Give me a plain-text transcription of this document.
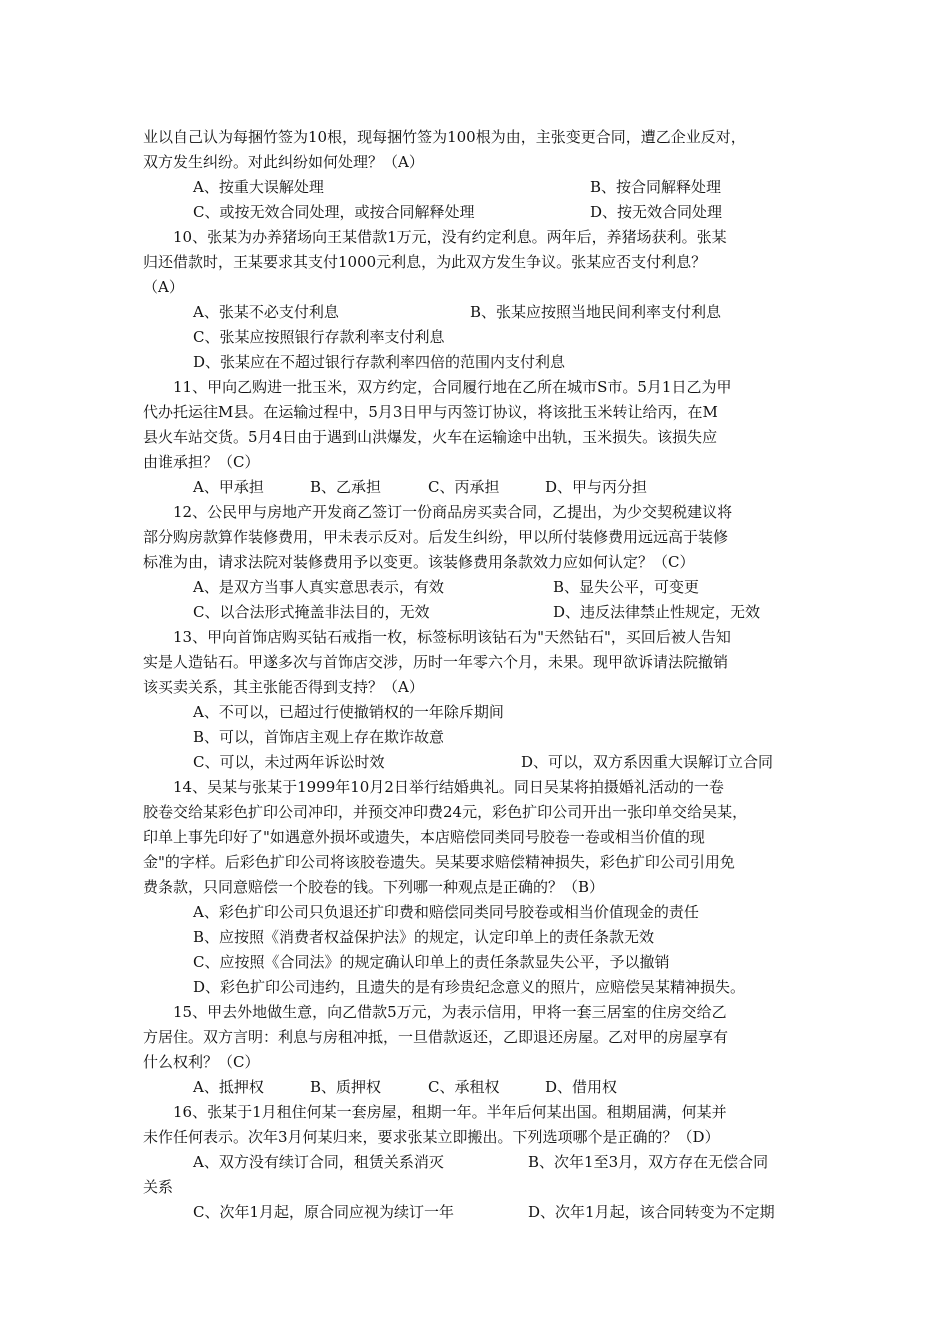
业以自己认为每捆竹签为10根，现每捆竹签为100根为由，主张变更合同，遭乙企业反对，

双方发生纠纷。对此纠纷如何处理？（A）

A、按重大误解处理	B、按合同解释处理
C、或按无效合同处理，或按合同解释处理	D、按无效合同处理

10、张某为办养猪场向王某借款1万元，没有约定利息。两年后，养猪场获利。张某

归还借款时，王某要求其支付1000元利息，为此双方发生争议。张某应否支付利息？

（A）

A、张某不必支付利息	B、张某应按照当地民间利率支付利息

C、张某应按照银行存款利率支付利息

D、张某应在不超过银行存款利率四倍的范围内支付利息

11、甲向乙购进一批玉米，双方约定，合同履行地在乙所在城市S市。5月1日乙为甲

代办托运往M县。在运输过程中，5月3日甲与丙签订协议，将该批玉米转让给丙，在M

县火车站交货。5月4日由于遇到山洪爆发，火车在运输途中出轨，玉米损失。该损失应

由谁承担？（C）

A、甲承担	B、乙承担	C、丙承担	D、甲与丙分担

12、公民甲与房地产开发商乙签订一份商品房买卖合同，乙提出，为少交契税建议将

部分购房款算作装修费用，甲未表示反对。后发生纠纷，甲以所付装修费用远远高于装修

标准为由，请求法院对装修费用予以变更。该装修费用条款效力应如何认定？（C）

A、是双方当事人真实意思表示，有效	B、显失公平，可变更
C、以合法形式掩盖非法目的，无效	D、违反法律禁止性规定，无效

13、甲向首饰店购买钻石戒指一枚，标签标明该钻石为"天然钻石"，买回后被人告知

实是人造钻石。甲遂多次与首饰店交涉，历时一年零六个月，未果。现甲欲诉请法院撤销

该买卖关系，其主张能否得到支持？（A）

A、不可以，已超过行使撤销权的一年除斥期间

B、可以，首饰店主观上存在欺诈故意

C、可以，未过两年诉讼时效	D、可以，双方系因重大误解订立合同

14、吴某与张某于1999年10月2日举行结婚典礼。同日吴某将拍摄婚礼活动的一卷

胶卷交给某彩色扩印公司冲印，并预交冲印费24元，彩色扩印公司开出一张印单交给吴某，

印单上事先印好了"如遇意外损坏或遗失，本店赔偿同类同号胶卷一卷或相当价值的现

金"的字样。后彩色扩印公司将该胶卷遗失。吴某要求赔偿精神损失，彩色扩印公司引用免

费条款，只同意赔偿一个胶卷的钱。下列哪一种观点是正确的？（B）

A、彩色扩印公司只负退还扩印费和赔偿同类同号胶卷或相当价值现金的责任

B、应按照《消费者权益保护法》的规定，认定印单上的责任条款无效

C、应按照《合同法》的规定确认印单上的责任条款显失公平，予以撤销

D、彩色扩印公司违约，且遗失的是有珍贵纪念意义的照片，应赔偿吴某精神损失。

15、甲去外地做生意，向乙借款5万元，为表示信用，甲将一套三居室的住房交给乙

方居住。双方言明：利息与房租冲抵，一旦借款返还，乙即退还房屋。乙对甲的房屋享有

什么权利？（C）

A、抵押权	B、质押权	C、承租权	D、借用权

16、张某于1月租住何某一套房屋，租期一年。半年后何某出国。租期届满，何某并

未作任何表示。次年3月何某归来，要求张某立即搬出。下列选项哪个是正确的？（D）

A、双方没有续订合同，租赁关系消灭	B、次年1至3月，双方存在无偿合同

关系

C、次年1月起，原合同应视为续订一年	D、次年1月起，该合同转变为不定期
